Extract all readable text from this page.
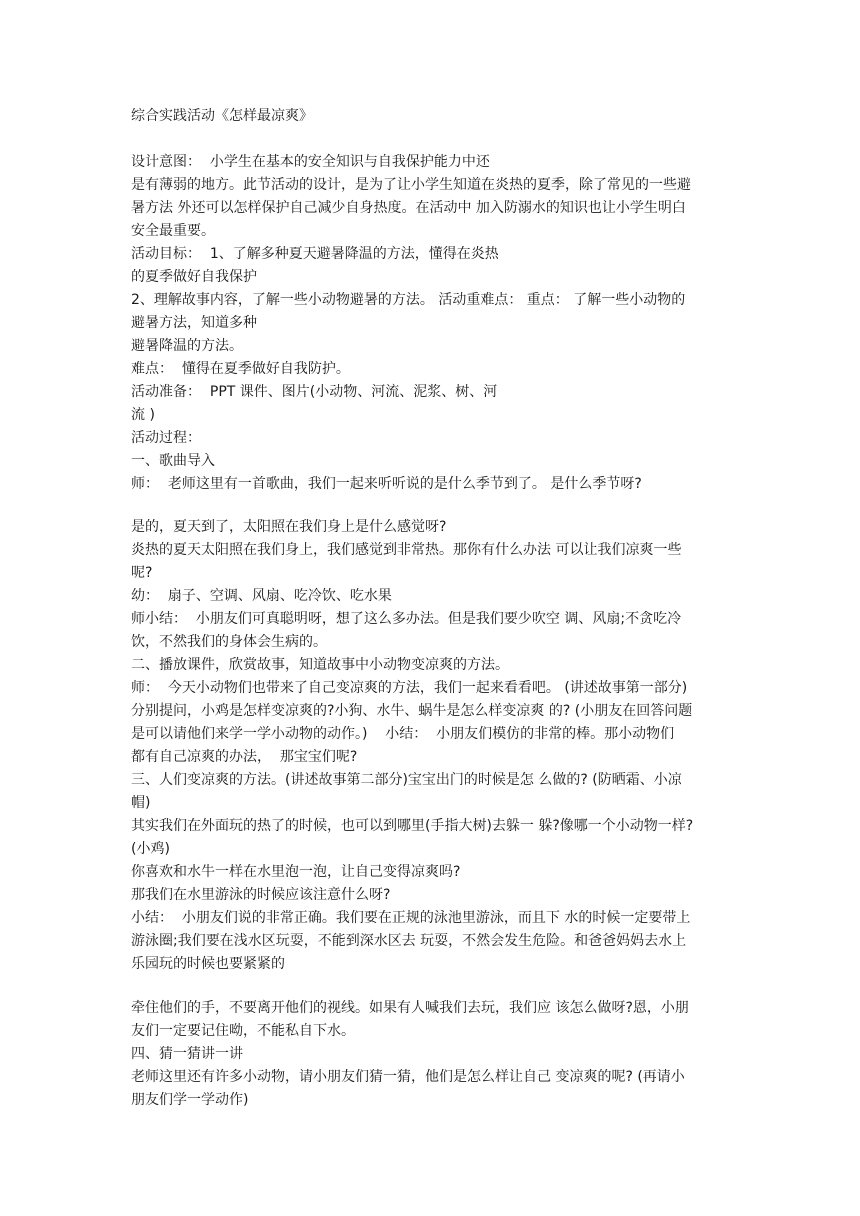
综合实践活动《怎样最凉爽》
设计意图：  小学生在基本的安全知识与自我保护能力中还
是有薄弱的地方。此节活动的设计，是为了让小学生知道在炎热的夏季，除了常见的一些避
暑方法 外还可以怎样保护自己减少自身热度。在活动中 加入防溺水的知识也让小学生明白
安全最重要。
活动目标：  1、了解多种夏天避暑降温的方法，懂得在炎热
的夏季做好自我保护
2、理解故事内容，了解一些小动物避暑的方法。 活动重难点： 重点： 了解一些小动物的
避暑方法，知道多种
避暑降温的方法。
难点：  懂得在夏季做好自我防护。
活动准备：  PPT 课件、图片(小动物、河流、泥浆、树、河
流 )
活动过程：
一、歌曲导入
师：  老师这里有一首歌曲，我们一起来听听说的是什么季节到了。 是什么季节呀?
是的，夏天到了，太阳照在我们身上是什么感觉呀?
炎热的夏天太阳照在我们身上，我们感觉到非常热。那你有什么办法 可以让我们凉爽一些
呢?
幼：  扇子、空调、风扇、吃冷饮、吃水果
师小结：  小朋友们可真聪明呀，想了这么多办法。但是我们要少吹空 调、风扇;不贪吃冷
饮，不然我们的身体会生病的。
二、播放课件，欣赏故事，知道故事中小动物变凉爽的方法。
师：  今天小动物们也带来了自己变凉爽的方法，我们一起来看看吧。 (讲述故事第一部分)
分别提问，小鸡是怎样变凉爽的?小狗、水牛、蜗牛是怎么样变凉爽 的? (小朋友在回答问题
是可以请他们来学一学小动物的动作。)    小结：  小朋友们模仿的非常的棒。那小动物们
都有自己凉爽的办法，  那宝宝们呢?
三、人们变凉爽的方法。(讲述故事第二部分)宝宝出门的时候是怎 么做的? (防晒霜、小凉
帽)
其实我们在外面玩的热了的时候，也可以到哪里(手指大树)去躲一 躲?像哪一个小动物一样?
(小鸡)
你喜欢和水牛一样在水里泡一泡，让自己变得凉爽吗?
那我们在水里游泳的时候应该注意什么呀?
小结：  小朋友们说的非常正确。我们要在正规的泳池里游泳，而且下 水的时候一定要带上
游泳圈;我们要在浅水区玩耍，不能到深水区去 玩耍，不然会发生危险。和爸爸妈妈去水上
乐园玩的时候也要紧紧的
牵住他们的手，不要离开他们的视线。如果有人喊我们去玩，我们应 该怎么做呀?恩，小朋
友们一定要记住呦，不能私自下水。
四、猜一猜讲一讲
老师这里还有许多小动物，请小朋友们猜一猜，他们是怎么样让自己 变凉爽的呢? (再请小
朋友们学一学动作)
